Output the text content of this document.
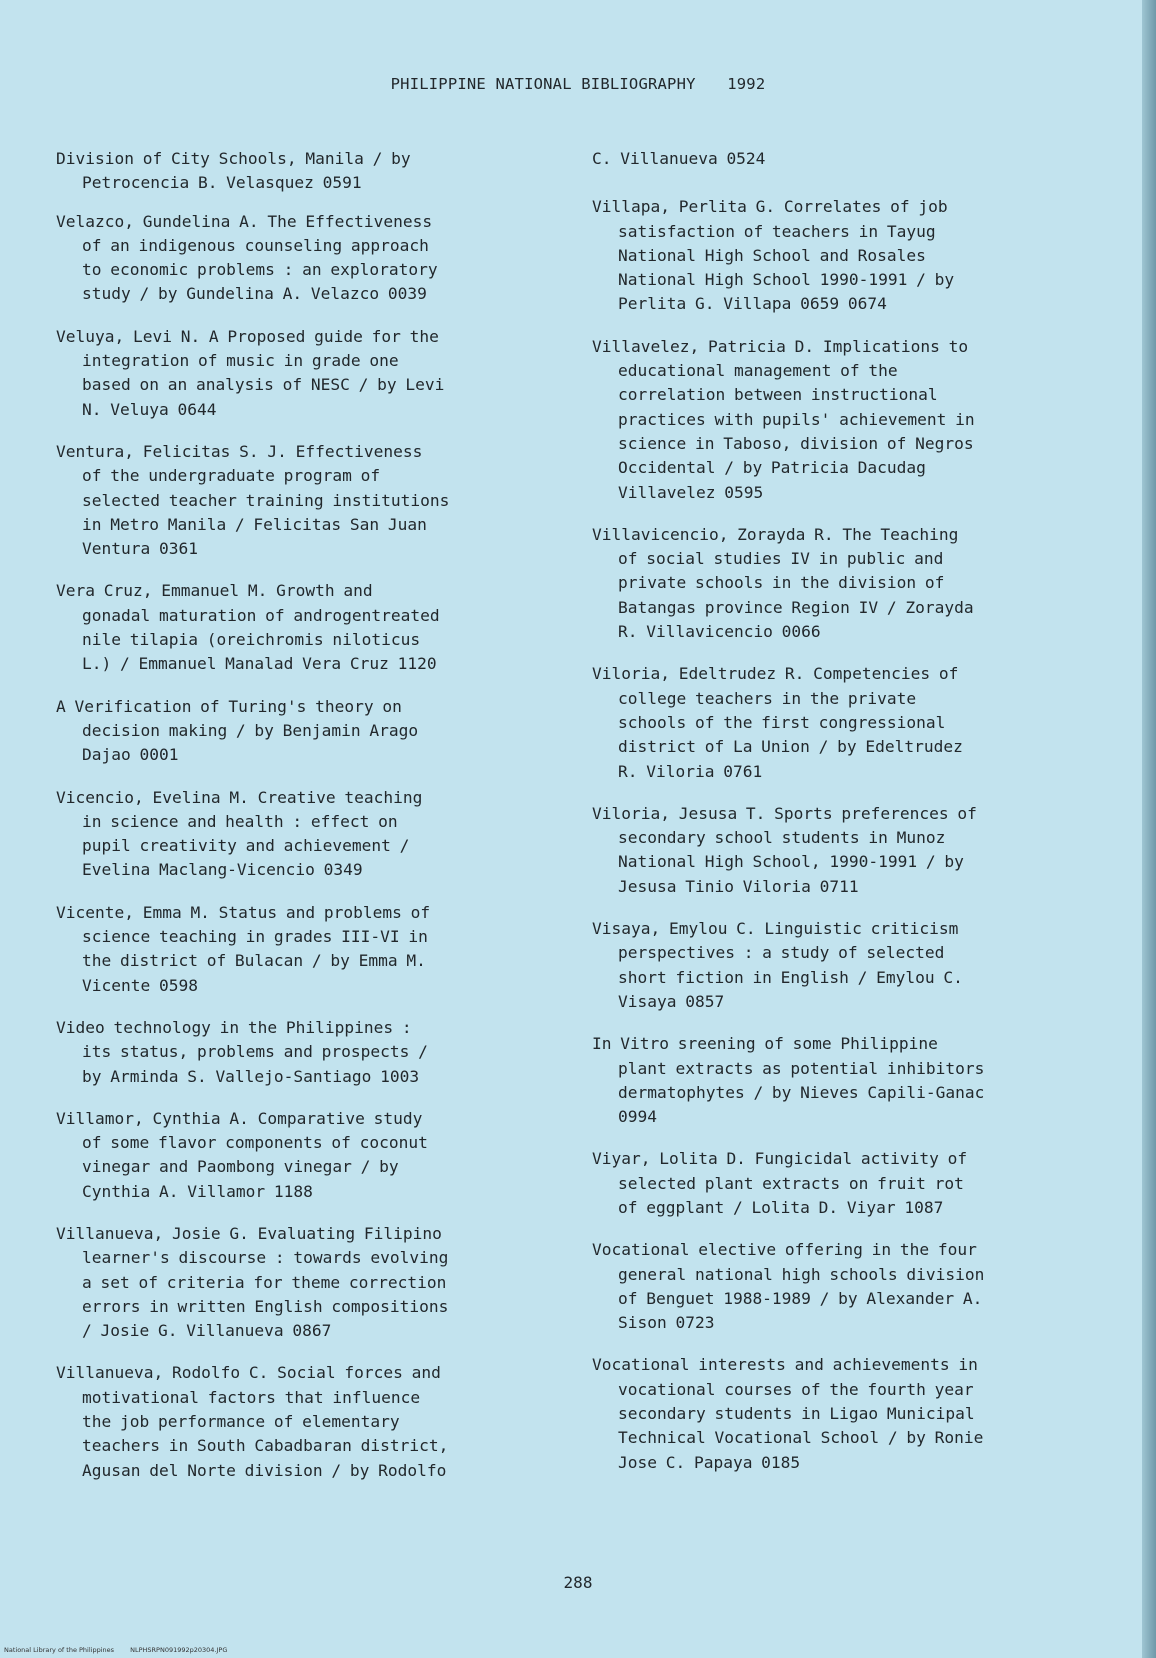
PHILIPPINE NATIONAL BIBLIOGRAPHY 1992

Division of City Schools, Manila / by
Petrocencia B. Velasquez 0591

Velazco, Gundelina A. The Effectiveness
of an indigenous counseling approach
to economic problems : an exploratory
study / by Gundelina A. Velazco 0039

Veluya, Levi N. A Proposed guide for the
integration of music in grade one
based on an analysis of NESC / by Levi
N. Veluya 0644

Ventura, Felicitas S. J. Effectiveness
of the undergraduate program of
selected teacher training institutions
in Metro Manila / Felicitas San Juan
Ventura 0361

Vera Cruz, Emmanuel M. Growth and
gonadal maturation of androgentreated
nile tilapia (oreichromis niloticus
L.) / Emmanuel Manalad Vera Cruz 1120

A Verification of Turing's theory on
decision making / by Benjamin Arago
Dajao 0001

Vicencio, Evelina M. Creative teaching
in science and health : effect on
pupil creativity and achievement /
Evelina Maclang-Vicencio 0349

Vicente, Emma M. Status and problems of
science teaching in grades III-VI in
the district of Bulacan / by Emma M.
Vicente 0598

Video technology in the Philippines :
its status, problems and prospects /
by Arminda S. Vallejo-Santiago 1003

Villamor, Cynthia A. Comparative study
of some flavor components of coconut
vinegar and Paombong vinegar / by
Cynthia A. Villamor 1188

Villanueva, Josie G. Evaluating Filipino
learner's discourse : towards evolving
a set of criteria for theme correction
errors in written English compositions
/ Josie G. Villanueva 0867

Villanueva, Rodolfo C. Social forces and
motivational factors that influence
the job performance of elementary
teachers in South Cabadbaran district,
Agusan del Norte division / by Rodolfo

C. Villanueva 0524

Villapa, Perlita G. Correlates of job
satisfaction of teachers in Tayug
National High School and Rosales
National High School 1990-1991 / by
Perlita G. Villapa 0659 0674

Villavelez, Patricia D. Implications to
educational management of the
correlation between instructional
practices with pupils' achievement in
science in Taboso, division of Negros
Occidental / by Patricia Dacudag
Villavelez 0595

Villavicencio, Zorayda R. The Teaching
of social studies IV in public and
private schools in the division of
Batangas province Region IV / Zorayda
R. Villavicencio 0066

Viloria, Edeltrudez R. Competencies of
college teachers in the private
schools of the first congressional
district of La Union / by Edeltrudez
R. Viloria 0761

Viloria, Jesusa T. Sports preferences of
secondary school students in Munoz
National High School, 1990-1991 / by
Jesusa Tinio Viloria 0711

Visaya, Emylou C. Linguistic criticism
perspectives : a study of selected
short fiction in English / Emylou C.
Visaya 0857

In Vitro sreening of some Philippine
plant extracts as potential inhibitors
dermatophytes / by Nieves Capili-Ganac
0994

Viyar, Lolita D. Fungicidal activity of
selected plant extracts on fruit rot
of eggplant / Lolita D. Viyar 1087

Vocational elective offering in the four
general national high schools division
of Benguet 1988-1989 / by Alexander A.
Sison 0723

Vocational interests and achievements in
vocational courses of the fourth year
secondary students in Ligao Municipal
Technical Vocational School / by Ronie
Jose C. Papaya 0185

288
National Library of the Philippines NLPHSRPN091992p20304.JPG
